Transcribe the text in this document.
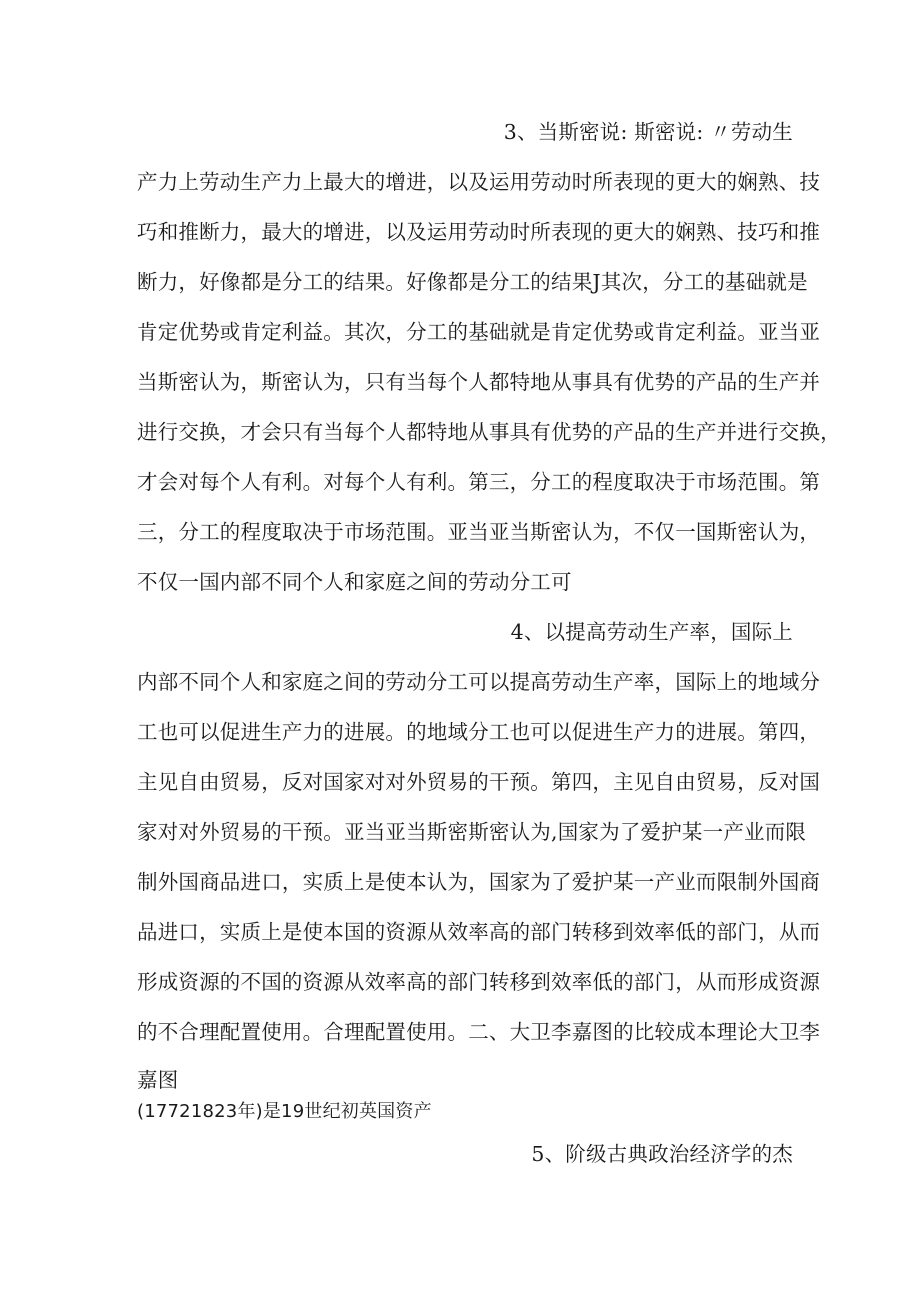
3、当斯密说: 斯密说: 〃劳动生
产力上劳动生产力上最大的增进，以及运用劳动时所表现的更大的娴熟、技
巧和推断力，最大的增进，以及运用劳动时所表现的更大的娴熟、技巧和推
断力，好像都是分工的结果。好像都是分工的结果J其次，分工的基础就是
肯定优势或肯定利益。其次，分工的基础就是肯定优势或肯定利益。亚当亚
当斯密认为，斯密认为，只有当每个人都特地从事具有优势的产品的生产并
进行交换，才会只有当每个人都特地从事具有优势的产品的生产并进行交换，
才会对每个人有利。对每个人有利。第三，分工的程度取决于市场范围。第
三，分工的程度取决于市场范围。亚当亚当斯密认为，不仅一国斯密认为，
不仅一国内部不同个人和家庭之间的劳动分工可
4、以提高劳动生产率，国际上
内部不同个人和家庭之间的劳动分工可以提高劳动生产率，国际上的地域分
工也可以促进生产力的进展。的地域分工也可以促进生产力的进展。第四，
主见自由贸易，反对国家对对外贸易的干预。第四，主见自由贸易，反对国
家对对外贸易的干预。亚当亚当斯密斯密认为,国家为了爱护某一产业而限
制外国商品进口，实质上是使本认为，国家为了爱护某一产业而限制外国商
品进口，实质上是使本国的资源从效率高的部门转移到效率低的部门，从而
形成资源的不国的资源从效率高的部门转移到效率低的部门，从而形成资源
的不合理配置使用。合理配置使用。二、大卫李嘉图的比较成本理论大卫李
嘉图
(17721823年)是19世纪初英国资产
5、阶级古典政治经济学的杰
